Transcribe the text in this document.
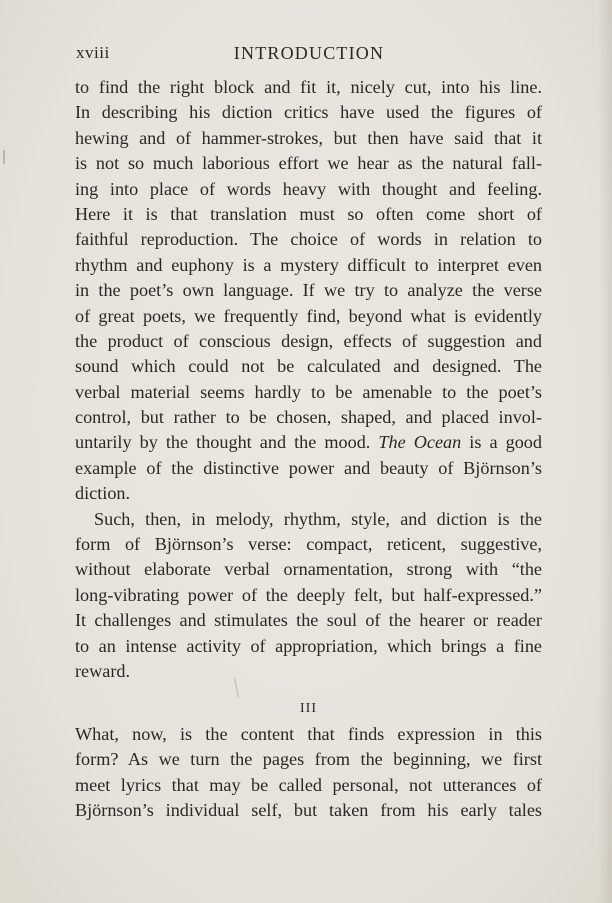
xviii	INTRODUCTION
to find the right block and fit it, nicely cut, into his line.
In describing his diction critics have used the figures of
hewing and of hammer-strokes, but then have said that it
is not so much laborious effort we hear as the natural fall-
ing into place of words heavy with thought and feeling.
Here it is that translation must so often come short of
faithful reproduction. The choice of words in relation to
rhythm and euphony is a mystery difficult to interpret even
in the poet’s own language. If we try to analyze the verse
of great poets, we frequently find, beyond what is evidently
the product of conscious design, effects of suggestion and
sound which could not be calculated and designed. The
verbal material seems hardly to be amenable to the poet’s
control, but rather to be chosen, shaped, and placed invol-
untarily by the thought and the mood. The Ocean is a good
example of the distinctive power and beauty of Björnson’s
diction.
Such, then, in melody, rhythm, style, and diction is the
form of Björnson’s verse: compact, reticent, suggestive,
without elaborate verbal ornamentation, strong with “the
long-vibrating power of the deeply felt, but half-expressed.”
It challenges and stimulates the soul of the hearer or reader
to an intense activity of appropriation, which brings a fine
reward.
III
What, now, is the content that finds expression in this
form? As we turn the pages from the beginning, we first
meet lyrics that may be called personal, not utterances of
Björnson’s individual self, but taken from his early tales
